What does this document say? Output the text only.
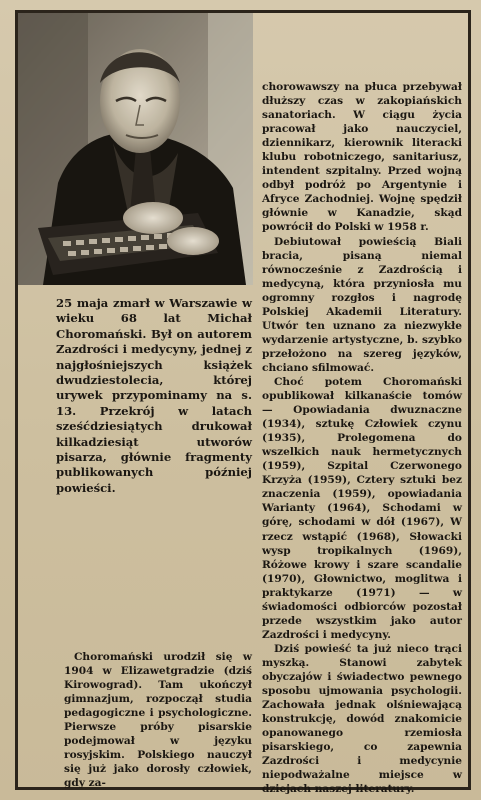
chorowawszy na płuca przebywał dłuższy czas w zakopiańskich sanatoriach. W ciągu życia pracował jako nauczyciel, dziennikarz, kierownik literacki klubu robotniczego, sanitariusz, intendent szpitalny. Przed wojną odbył podróż po Argentynie i Afryce Zachodniej. Wojnę spędził głównie w Kanadzie, skąd powrócił do Polski w 1958 r.

Debiutował powieścią Biali bracia, pisaną niemal równocześnie z Zazdrością i medycyną, która przyniosła mu ogromny rozgłos i nagrodę Polskiej Akademii Literatury. Utwór ten uznano za niezwykłe wydarzenie artystyczne, b. szybko przełożono na szereg języków, chciano sfilmować.

Choć potem Choromański opublikował kilkanaście tomów — Opowiadania dwuznaczne (1934), sztukę Człowiek czynu (1935), Prolegomena do wszelkich nauk hermetycznych (1959), Szpital Czerwonego Krzyża (1959), Cztery sztuki bez znaczenia (1959), opowiadania Warianty (1964), Schodami w górę, schodami w dół (1967), W rzecz wstąpić (1968), Słowacki wysp tropikalnych (1969), Różowe krowy i szare scandalie (1970), Głownictwo, moglitwa i praktykarze (1971) — w świadomości odbiorców pozostał przede wszystkim jako autor Zazdrości i medycyny.

Dziś powieść ta już nieco trąci myszką. Stanowi zabytek obyczajów i świadectwo pewnego sposobu ujmowania psychologii. Zachowała jednak olśniewającą konstrukcję, dowód znakomicie opanowanego rzemiosła pisarskiego, co zapewnia Zazdrości i medycynie niepodważalne miejsce w dziejach naszej literatury.

25 maja zmarł w Warszawie w wieku 68 lat Michał Choromański. Był on autorem Zazdrości i medycyny, jednej z najgłośniejszych książek dwudziestolecia, której urywek przypominamy na s. 13. Przekrój w latach sześćdziesiątych drukował kilkadziesiąt utworów pisarza, głównie fragmenty publikowanych później powieści.

Choromański urodził się w 1904 w Elizawetgradzie (dziś Kirowograd). Tam ukończył gimnazjum, rozpoczął studia pedagogiczne i psychologiczne. Pierwsze próby pisarskie podejmował w języku rosyjskim. Polskiego nauczył się już jako dorosły człowiek, gdy za-
